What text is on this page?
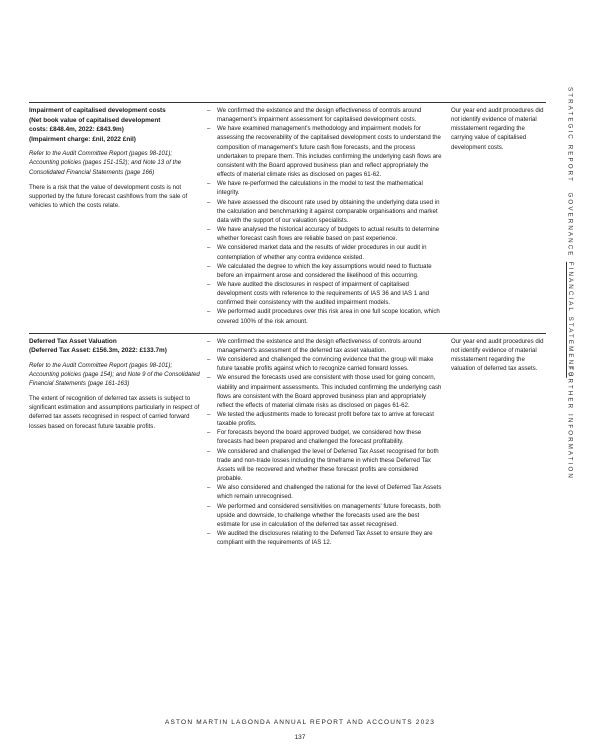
Impairment of capitalised development costs
(Net book value of capitalised development
costs: £848.4m, 2022: £843.9m)
(Impairment charge: £nil, 2022 £nil)

Refer to the Audit Committee Report (pages 98-101); Accounting policies (pages 151-152); and Note 13 of the Consolidated Financial Statements (page 166)

There is a risk that the value of development costs is not supported by the future forecast cashflows from the sale of vehicles to which the costs relate.

– We confirmed the existence and the design effectiveness of controls around management's impairment assessment for capitalised development costs.
– We have examined management's methodology and impairment models for assessing the recoverability of the capitalised development costs to understand the composition of management's future cash flow forecasts, and the process undertaken to prepare them. This includes confirming the underlying cash flows are consistent with the Board approved business plan and reflect appropriately the effects of material climate risks as disclosed on pages 61-62.
– We have re-performed the calculations in the model to test the mathematical integrity.
– We have assessed the discount rate used by obtaining the underlying data used in the calculation and benchmarking it against comparable organisations and market data with the support of our valuation specialists.
– We have analysed the historical accuracy of budgets to actual results to determine whether forecast cash flows are reliable based on past experience.
– We considered market data and the results of wider procedures in our audit in contemplation of whether any contra evidence existed.
– We calculated the degree to which the key assumptions would need to fluctuate before an impairment arose and considered the likelihood of this occurring.
– We have audited the disclosures in respect of impairment of capitalised development costs with reference to the requirements of IAS 36 and IAS 1 and confirmed their consistency with the audited impairment models.
– We performed audit procedures over this risk area in one full scope location, which covered 100% of the risk amount.
Our year end audit procedures did not identify evidence of material misstatement regarding the carrying value of capitalised development costs.
Deferred Tax Asset Valuation
(Deferred Tax Asset: £156.3m, 2022: £133.7m)

Refer to the Audit Committee Report (pages 98-101); Accounting policies (page 154); and Note 9 of the Consolidated Financial Statements (page 161-163)

The extent of recognition of deferred tax assets is subject to significant estimation and assumptions particularly in respect of deferred tax assets recognised in respect of carried forward losses based on forecast future taxable profits.

– We confirmed the existence and the design effectiveness of controls around management's assessment of the deferred tax asset valuation.
– We considered and challenged the convincing evidence that the group will make future taxable profits against which to recognize carried forward losses.
– We ensured the forecasts used are consistent with those used for going concern, viability and impairment assessments. This included confirming the underlying cash flows are consistent with the Board approved business plan and appropriately reflect the effects of material climate risks as disclosed on pages 61-62.
– We tested the adjustments made to forecast profit before tax to arrive at forecast taxable profits.
– For forecasts beyond the board approved budget, we considered how these forecasts had been prepared and challenged the forecast profitability.
– We considered and challenged the level of Deferred Tax Asset recognised for both trade and non-trade losses including the timeframe in which these Deferred Tax Assets will be recovered and whether these forecast profits are considered probable.
– We also considered and challenged the rational for the level of Deferred Tax Assets which remain unrecognised.
– We performed and considered sensitivities on managements' future forecasts, both upside and downside, to challenge whether the forecasts used are the best estimate for use in calculation of the deferred tax asset recognised.
– We audited the disclosures relating to the Deferred Tax Asset to ensure they are compliant with the requirements of IAS 12.
Our year end audit procedures did not identify evidence of material misstatement regarding the valuation of deferred tax assets.
STRATEGIC REPORT
GOVERNANCE
FINANCIAL STATEMENTS
FURTHER INFORMATION
ASTON MARTIN LAGONDA ANNUAL REPORT AND ACCOUNTS 2023
137
